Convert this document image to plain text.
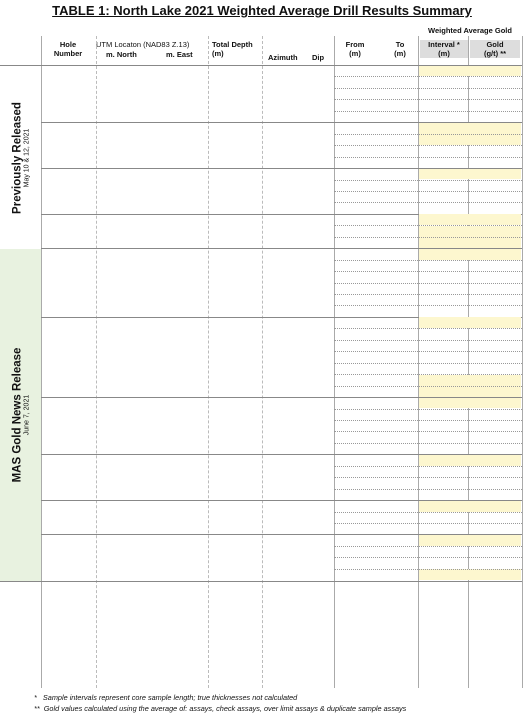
TABLE 1: North Lake 2021 Weighted Average Drill Results Summary
Weighted Average Gold
Hole
Number
UTM Locaton (NAD83 Z.13)
m. North	m. East
Total Depth
(m)	Azimuth Dip
From
(m)
To
(m)
Interval *
(m)
Gold
(g/t) **
MAS Gold News Release June 7, 2021
Previously Released May 10 & 12, 2021
*   Sample intervals represent core sample length; true thicknesses not calculated
**  Gold values calculated using the average of: assays, check assays, over limit assays & duplicate sample assays
